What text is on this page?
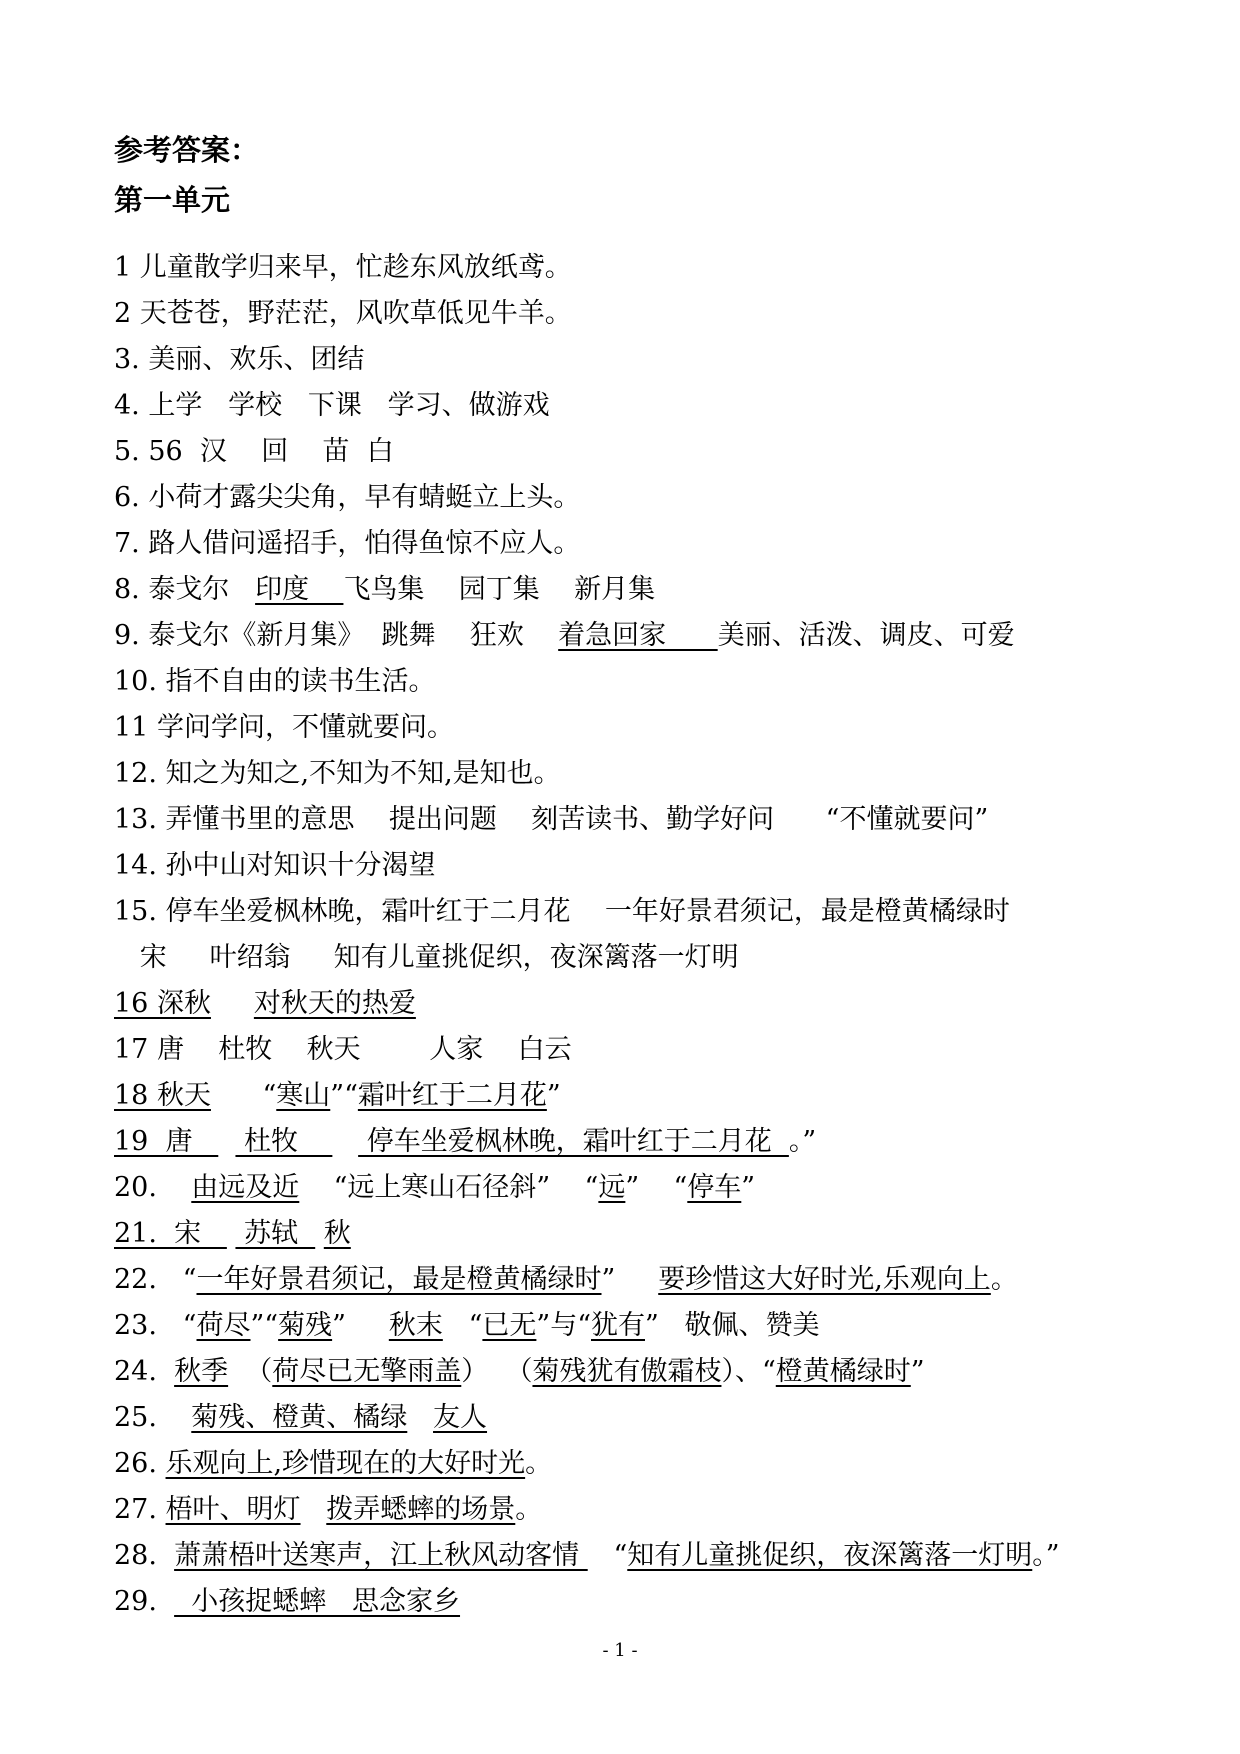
参考答案：
第一单元
1 儿童散学归来早，忙趁东风放纸鸢。
2 天苍苍，野茫茫，风吹草低见牛羊。
3. 美丽、欢乐、团结
4. 上学   学校   下课   学习、做游戏
5. 56  汉    回    苗  白
6. 小荷才露尖尖角，早有蜻蜓立上头。
7. 路人借问遥招手，怕得鱼惊不应人。
8. 泰戈尔   印度    飞鸟集    园丁集    新月集
9. 泰戈尔《新月集》  跳舞    狂欢    着急回家      美丽、活泼、调皮、可爱
10. 指不自由的读书生活。
11 学问学问，不懂就要问。
12. 知之为知之,不知为不知,是知也。
13. 弄懂书里的意思    提出问题    刻苦读书、勤学好问      “不懂就要问”
14. 孙中山对知识十分渴望
15. 停车坐爱枫林晚，霜叶红于二月花    一年好景君须记，最是橙黄橘绿时
宋     叶绍翁     知有儿童挑促织，夜深篱落一灯明
16 深秋 对秋天的热爱
17 唐    杜牧    秋天        人家    白云
18 秋天      “寒山”“霜叶红于二月花”
19  唐      杜牧        停车坐爱枫林晚，霜叶红于二月花  。”
20.    由远及近    “远上寒山石径斜”    “远”    “停车”
21.  宋     苏轼   秋
22.   “一年好景君须记，最是橙黄橘绿时”     要珍惜这大好时光,乐观向上。
23.   “荷尽”“菊残”     秋末   “已无”与“犹有”   敬佩、赞美
24.  秋季  （荷尽已无擎雨盖）  （菊残犹有傲霜枝）、“橙黄橘绿时”
25.    菊残、橙黄、橘绿 友人
26. 乐观向上,珍惜现在的大好时光。
27. 梧叶、明灯 拨弄蟋蟀的场景。
28.  萧萧梧叶送寒声，江上秋风动客情    “知有儿童挑促织，夜深篱落一灯明。”
29.    小孩捉蟋蟀   思念家乡
- 1 -
